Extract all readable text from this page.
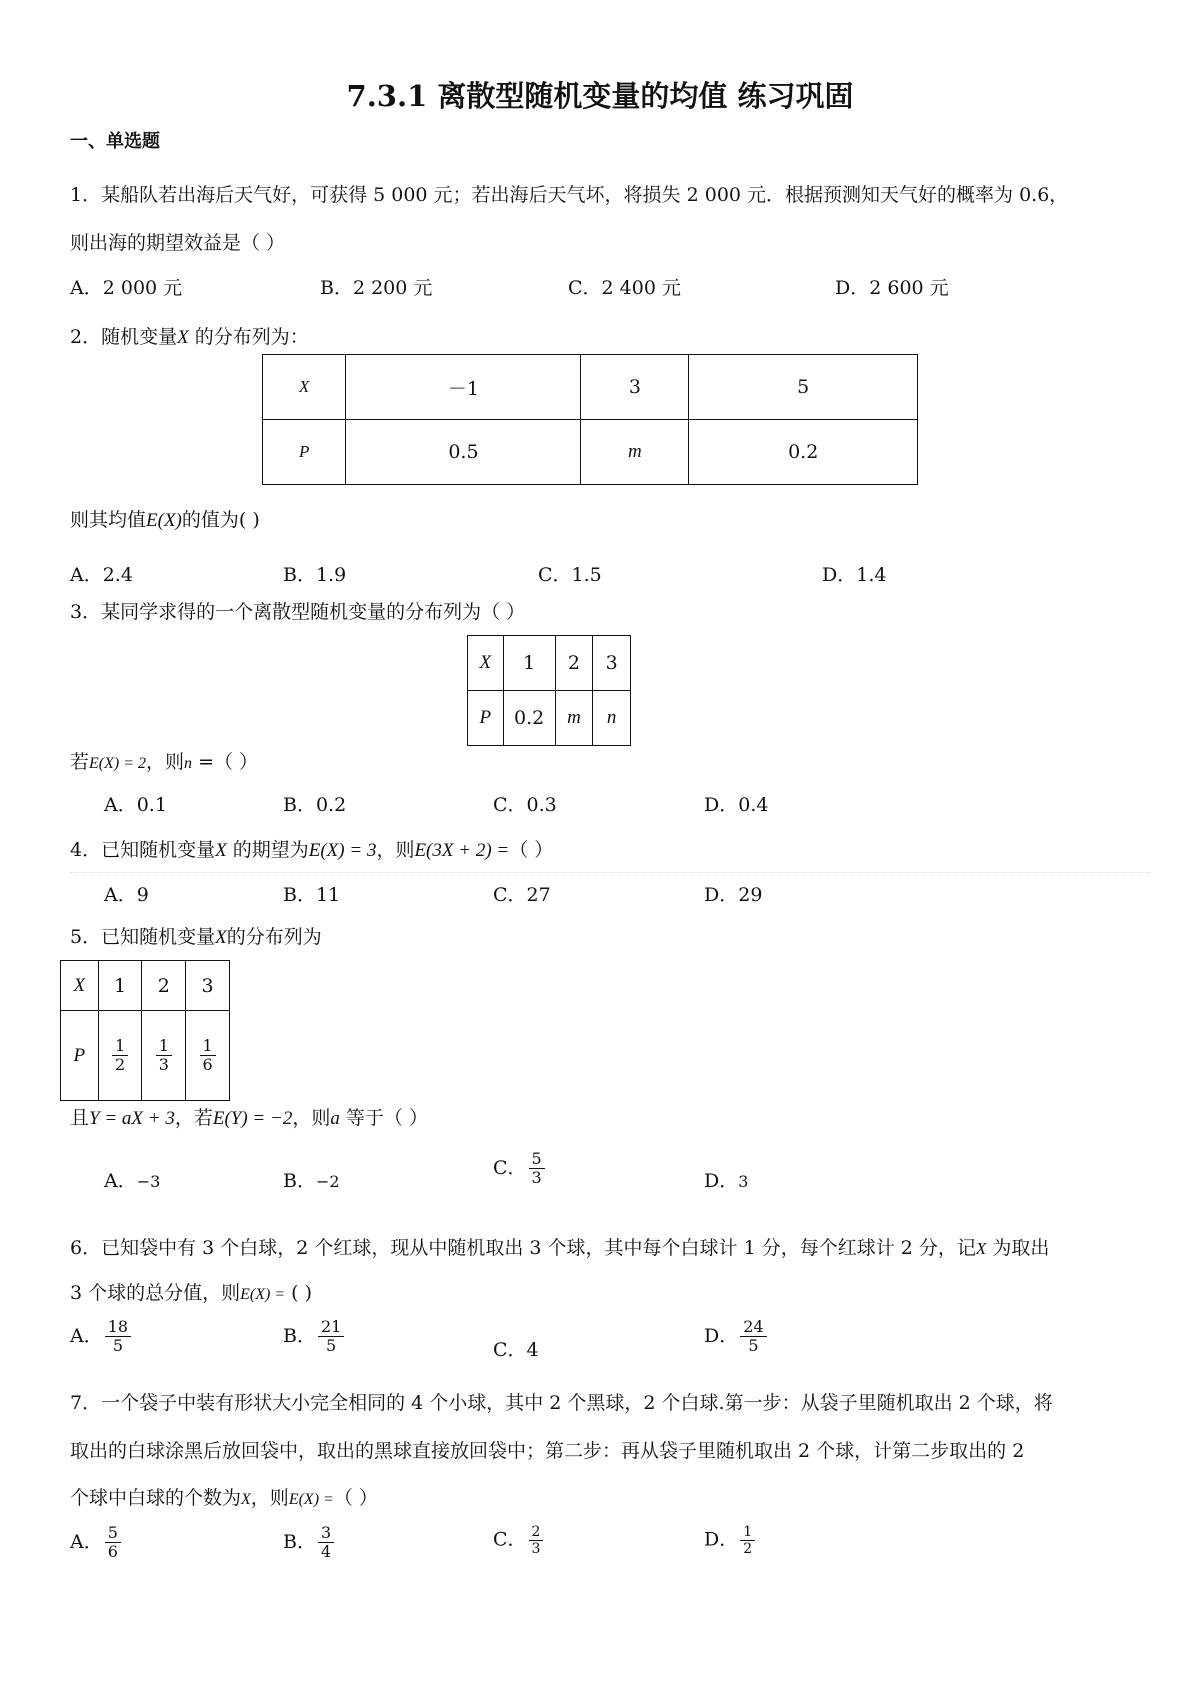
7.3.1 离散型随机变量的均值 练习巩固
一、单选题
1．某船队若出海后天气好，可获得 5 000 元；若出海后天气坏，将损失 2 000 元．根据预测知天气好的概率为 0.6，
则出海的期望效益是（ ）
A．2 000 元	B．2 200 元	C．2 400 元	D．2 600 元
2．随机变量X 的分布列为：
X	－1	3	5
P	0.5	m	0.2
则其均值E(X)的值为( )
A．2.4	B．1.9	C．1.5	D．1.4
3．某同学求得的一个离散型随机变量的分布列为（ ）
X	1	2	3
P	0.2	m	n
若E(X) = 2，则n =（ ）
A．0.1	B．0.2	C．0.3	D．0.4
4．已知随机变量X 的期望为E(X) = 3，则E(3X + 2) =（ ）
A．9	B．11	C．27	D．29
5．已知随机变量X的分布列为
X	1	2	3
P	$\frac{1}{2}$	$\frac{1}{3}$	$\frac{1}{6}$
且Y = aX + 3，若E(Y) = −2，则a 等于（ ）
A．−3	B．−2
C． $\frac{5}{3}$	D．3
6．已知袋中有 3 个白球，2 个红球，现从中随机取出 3 个球，其中每个白球计 1 分，每个红球计 2 分，记X 为取出
3 个球的总分值，则E(X) = ( )
A． $\frac{18}{5}$	B． $\frac{21}{5}$	C．4
D． $\frac{24}{5}$
7．一个袋子中装有形状大小完全相同的 4 个小球，其中 2 个黑球，2 个白球.第一步：从袋子里随机取出 2 个球，将
取出的白球涂黑后放回袋中，取出的黑球直接放回袋中；第二步：再从袋子里随机取出 2 个球，计第二步取出的 2
个球中白球的个数为X，则E(X) =（ ）
A． $\frac{5}{6}$	B． $\frac{3}{4}$	C． $\frac{2}{3}$	D． $\frac{1}{2}$
